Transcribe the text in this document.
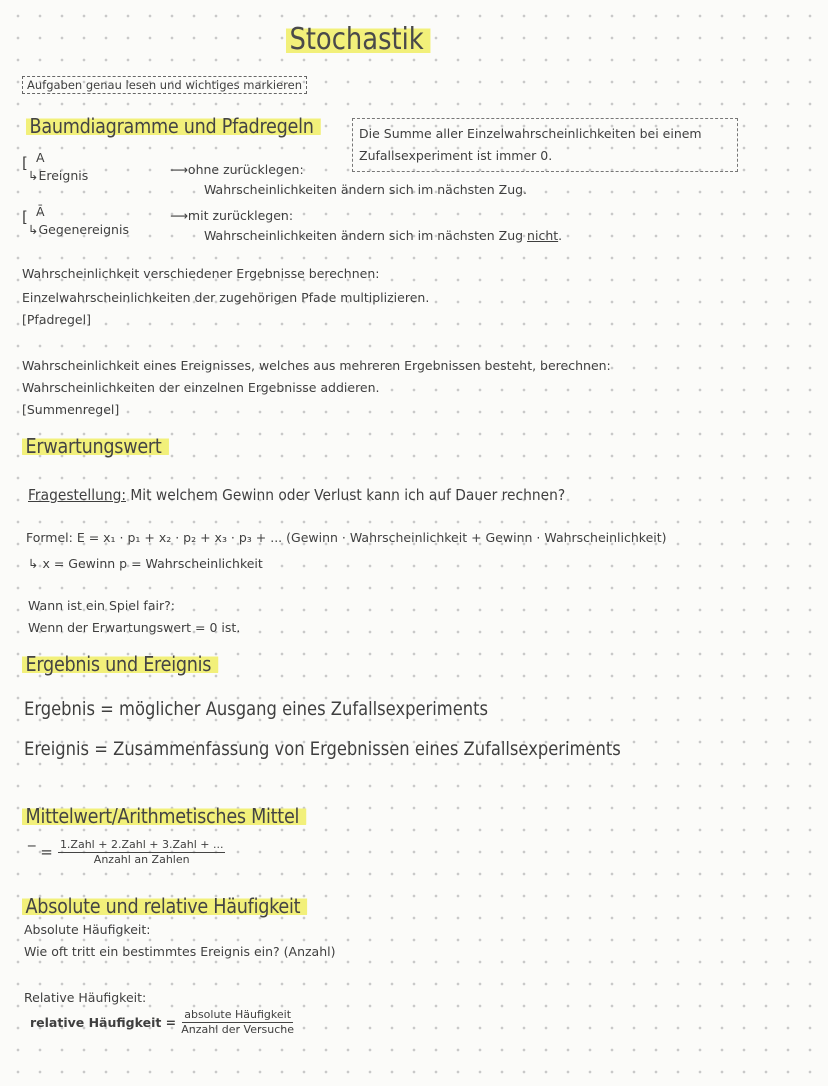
Stochastik
Aufgaben genau lesen und wichtiges markieren
Baumdiagramme und Pfadregeln	Die Summe aller Einzelwahrscheinlichkeiten bei einem Zufallsexperiment ist immer 0.
A
[
↳Ereignis
Ā
[
↳Gegenereignis
⟶ohne zurücklegen:
Wahrscheinlichkeiten ändern sich im nächsten Zug.
⟶mit zurücklegen:
Wahrscheinlichkeiten ändern sich im nächsten Zug nicht.
Wahrscheinlichkeit verschiedener Ergebnisse berechnen:
Einzelwahrscheinlichkeiten der zugehörigen Pfade multiplizieren.
[Pfadregel]
Wahrscheinlichkeit eines Ereignisses, welches aus mehreren Ergebnissen besteht, berechnen:
Wahrscheinlichkeiten der einzelnen Ergebnisse addieren.
[Summenregel]
Erwartungswert
Fragestellung: Mit welchem Gewinn oder Verlust kann ich auf Dauer rechnen?
Formel: E = x₁ · p₁ + x₂ · p₂ + x₃ · p₃ + ... (Gewinn · Wahrscheinlichkeit + Gewinn · Wahrscheinlichkeit)
↳ x = Gewinn p = Wahrscheinlichkeit
Wann ist ein Spiel fair?:
Wenn der Erwartungswert = 0 ist.
Ergebnis und Ereignis
Ergebnis = möglicher Ausgang eines Zufallsexperiments
Ereignis = Zusammenfassung von Ergebnissen eines Zufallsexperiments
Mittelwert/Arithmetisches Mittel
‾ = $\frac{\text{1.Zahl + 2.Zahl + 3.Zahl + ...}}{\text{Anzahl an Zahlen}}$
Absolute und relative Häufigkeit
Absolute Häufigkeit:
Wie oft tritt ein bestimmtes Ereignis ein? (Anzahl)
Relative Häufigkeit:
relative Häufigkeit = $\frac{\text{absolute Häufigkeit}}{\text{Anzahl der Versuche}}$
